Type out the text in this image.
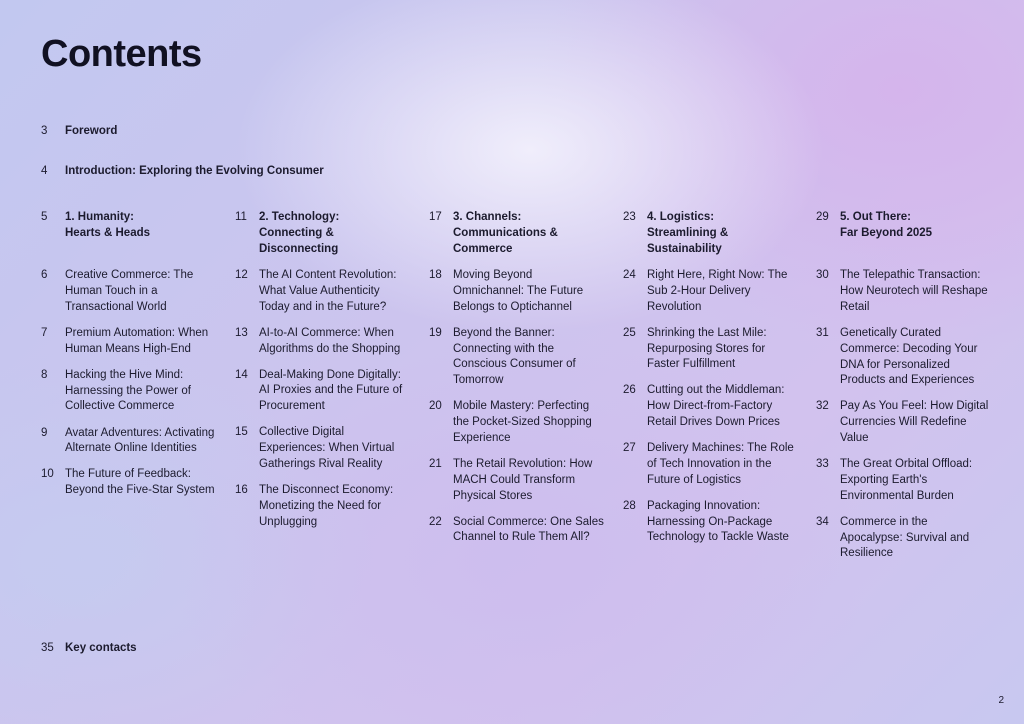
Contents
3	Foreword
4	Introduction: Exploring the Evolving Consumer
5	1. Humanity:
Hearts & Heads
6	Creative Commerce: The Human Touch in a Transactional World
7	Premium Automation: When Human Means High-End
8	Hacking the Hive Mind: Harnessing the Power of Collective Commerce
9	Avatar Adventures: Activating Alternate Online Identities
10 The Future of Feedback: Beyond the Five-Star System
11	2. Technology:
Connecting & Disconnecting
12 The AI Content Revolution: What Value Authenticity Today and in the Future?
13 AI-to-AI Commerce: When Algorithms do the Shopping
14 Deal-Making Done Digitally: AI Proxies and the Future of Procurement
15 Collective Digital Experiences: When Virtual Gatherings Rival Reality
16 The Disconnect Economy: Monetizing the Need for Unplugging
17 3. Channels:
Communications & Commerce
18 Moving Beyond Omnichannel: The Future Belongs to Optichannel
19 Beyond the Banner: Connecting with the Conscious Consumer of Tomorrow
20 Mobile Mastery: Perfecting the Pocket-Sized Shopping Experience
21 The Retail Revolution: How MACH Could Transform Physical Stores
22 Social Commerce: One Sales Channel to Rule Them All?
23 4. Logistics:
Streamlining & Sustainability
24 Right Here, Right Now: The Sub 2-Hour Delivery Revolution
25 Shrinking the Last Mile: Repurposing Stores for Faster Fulfillment
26 Cutting out the Middleman: How Direct-from-Factory Retail Drives Down Prices
27 Delivery Machines: The Role of Tech Innovation in the Future of Logistics
28 Packaging Innovation: Harnessing On-Package Technology to Tackle Waste
29 5. Out There:
Far Beyond 2025
30 The Telepathic Transaction: How Neurotech will Reshape Retail
31 Genetically Curated Commerce: Decoding Your DNA for Personalized Products and Experiences
32 Pay As You Feel: How Digital Currencies Will Redefine Value
33 The Great Orbital Offload: Exporting Earth's Environmental Burden
34 Commerce in the Apocalypse: Survival and Resilience
35 Key contacts
2
